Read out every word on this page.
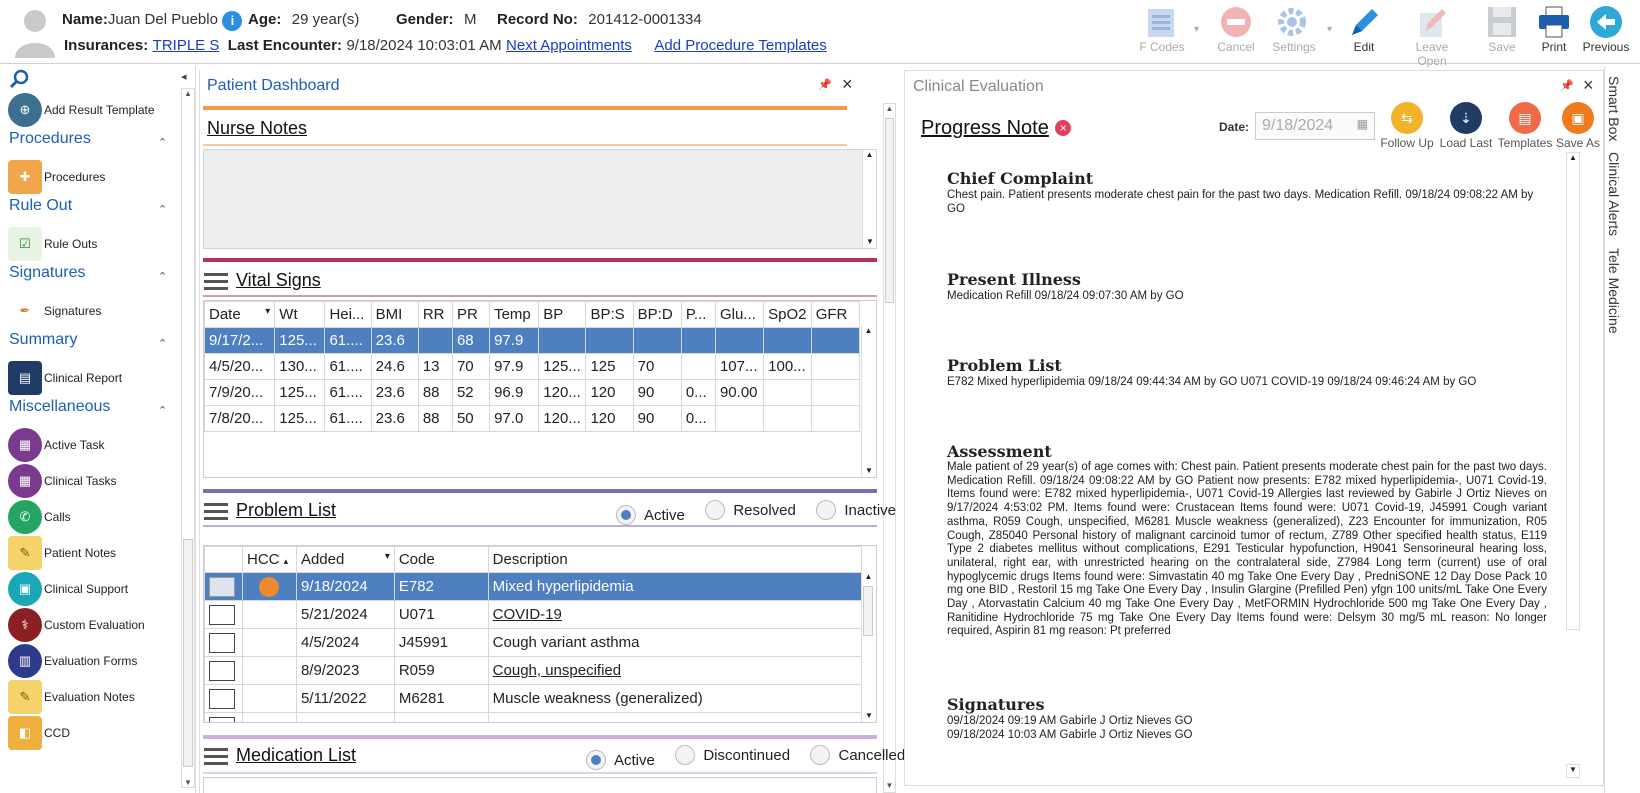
Name:Juan Del Pueblo i Age: 29 year(s) Gender: M Record No: 201412-0001334
Insurances: TRIPLE S Last Encounter: 9/18/2024 10:03:01 AM Next Appointments Add Procedure Templates	F Codes
▾
Cancel	Settings
▾
Edit	Leave Open
Save	Print	Previous
◂
▲
▼
⊕	Add Result Template
Procedures	⌃
✚	Procedures
Rule Out	⌃
☑	Rule Outs
Signatures	⌃
✒	Signatures
Summary	⌃
▤	Clinical Report
Miscellaneous	⌃
▦	Active Task
▦	Clinical Tasks
✆	Calls
✎	Patient Notes
▣	Clinical Support
⚕	Custom Evaluation
▥	Evaluation Forms
✎	Evaluation Notes
◧	CCD
Patient Dashboard	📌 ×
▲
▼
Nurse Notes
▲
▼
Vital Signs
Date ▾	Wt	Hei...	BMI	RR	PR	Temp	BP	BP:S	BP:D	P...	Glu...	SpO2	GFR
9/17/2...	125...	61....	23.6		68	97.9							
4/5/20...	130...	61....	24.6	13	70	97.9	125...	125	70		107...	100...	
7/9/20...	125...	61....	23.6	88	52	96.9	120...	120	90	0...	90.00		
7/8/20...	125...	61....	23.6	88	50	97.0	120...	120	90	0...			
▲
▼
Problem List	Active
	Resolved
	Inactive
	HCC ▴	Added ▾	Code	Description
		9/18/2024	E782	Mixed hyperlipidemia
		5/21/2024	U071	COVID-19
		4/5/2024	J45991	Cough variant asthma
		8/9/2023	R059	Cough, unspecified
		5/11/2022	M6281	Muscle weakness (generalized)

▲
▼
Medication List	Active
	Discontinued
	Cancelled
Clinical Evaluation	📌 ×
Progress Note ×	Date: 9/18/2024 ▦	⇆
Follow Up
⇣
Load Last
▤
Templates
▣
Save As
▲
▼
Chief Complaint
Chest pain. Patient presents moderate chest pain for the past two days. Medication Refill. 09/18/24 09:08:22 AM by GO
Present Illness
Medication Refill 09/18/24 09:07:30 AM by GO
Problem List
E782 Mixed hyperlipidemia 09/18/24 09:44:34 AM by GO U071 COVID-19 09/18/24 09:46:24 AM by GO
Assessment
Male patient of 29 year(s) of age comes with: Chest pain. Patient presents moderate chest pain for the past two days. Medication Refill. 09/18/24 09:08:22 AM by GO Patient now presents: E782 mixed hyperlipidemia-, U071 Covid-19. Items found were: E782 mixed hyperlipidemia-, U071 Covid-19 Allergies last reviewed by Gabirle J Ortiz Nieves on 9/17/2024 4:53:02 PM. Items found were: Crustacean Items found were: U071 Covid-19, J45991 Cough variant asthma, R059 Cough, unspecified, M6281 Muscle weakness (generalized), Z23 Encounter for immunization, R05 Cough, Z85040 Personal history of malignant carcinoid tumor of rectum, Z789 Other specified health status, E119 Type 2 diabetes mellitus without complications, E291 Testicular hypofunction, H9041 Sensorineural hearing loss, unilateral, right ear, with unrestricted hearing on the contralateral side, Z7984 Long term (current) use of oral hypoglycemic drugs Items found were: Simvastatin 40 mg Take One Every Day , PredniSONE 12 Day Dose Pack 10 mg one BID , Restoril 15 mg Take One Every Day , Insulin Glargine (Prefilled Pen) yfgn 100 units/mL Take One Every Day , Atorvastatin Calcium 40 mg Take One Every Day , MetFORMIN Hydrochloride 500 mg Take One Every Day , Ranitidine Hydrochloride 75 mg Take One Every Day Items found were: Delsym 30 mg/5 mL reason: No longer required, Aspirin 81 mg reason: Pt preferred
Signatures
09/18/2024 09:19 AM Gabirle J Ortiz Nieves GO
09/18/2024 10:03 AM Gabirle J Ortiz Nieves GO
Smart Box
Clinical Alerts
Tele Medicine
